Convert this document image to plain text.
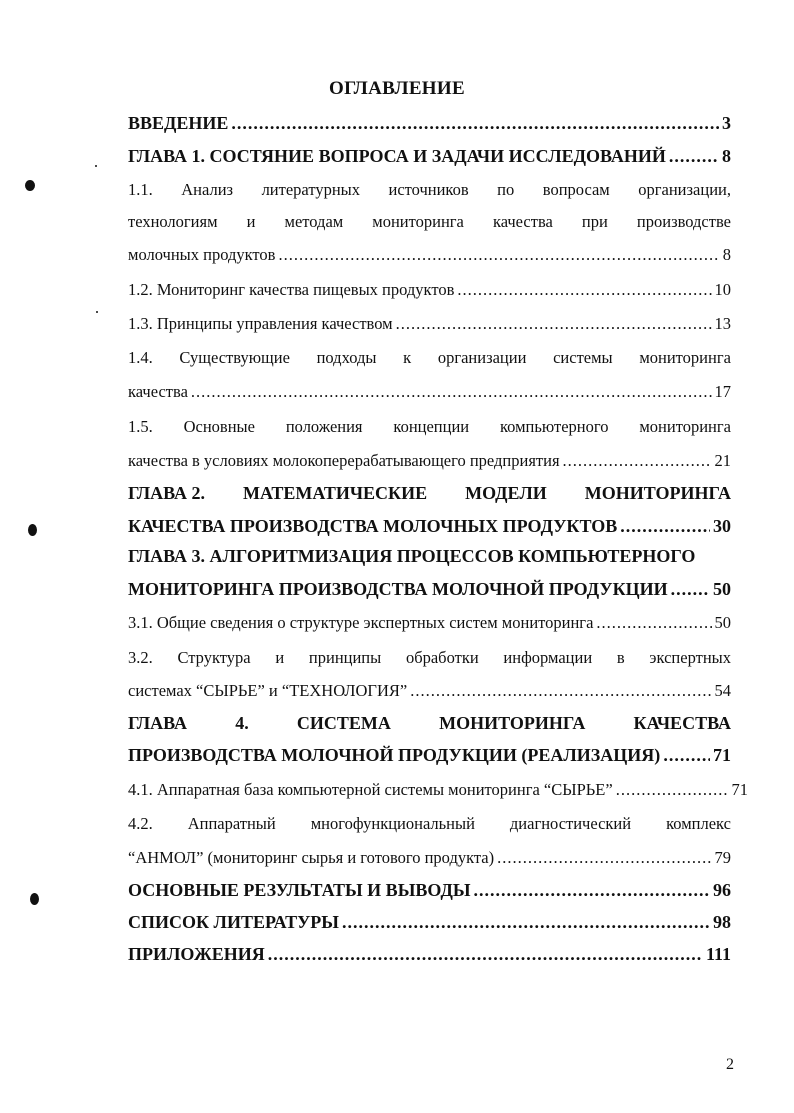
ОГЛАВЛЕНИЕ
ВВЕДЕНИЕ .....	3
ГЛАВА 1. СОСТЯНИЕ ВОПРОСА И ЗАДАЧИ ИССЛЕДОВАНИЙ .....	8
1.1. Анализ литературных источников по вопросам организации,
технологиям и методам мониторинга качества при производстве
молочных продуктов .....	8
1.2. Мониторинг качества пищевых продуктов .....	10
1.3. Принципы управления качеством .....	13
1.4. Существующие подходы к организации системы мониторинга
качества .....	17
1.5. Основные положения концепции компьютерного мониторинга
качества в условиях молокоперерабатывающего предприятия .....	21
ГЛАВА 2. МАТЕМАТИЧЕСКИЕ МОДЕЛИ МОНИТОРИНГА
КАЧЕСТВА ПРОИЗВОДСТВА МОЛОЧНЫХ ПРОДУКТОВ .....	30
ГЛАВА 3. АЛГОРИТМИЗАЦИЯ ПРОЦЕССОВ КОМПЬЮТЕРНОГО
МОНИТОРИНГА ПРОИЗВОДСТВА МОЛОЧНОЙ ПРОДУКЦИИ .....	50
3.1. Общие сведения о структуре экспертных систем мониторинга .....	50
3.2. Структура и принципы обработки информации в экспертных
системах “СЫРЬЕ” и “ТЕХНОЛОГИЯ” .....	54
ГЛАВА	4.	СИСТЕМА	МОНИТОРИНГА	КАЧЕСТВА
ПРОИЗВОДСТВА МОЛОЧНОЙ ПРОДУКЦИИ (РЕАЛИЗАЦИЯ) .....	71
4.1. Аппаратная база компьютерной системы мониторинга “СЫРЬЕ” .....	71
4.2. Аппаратный многофункциональный диагностический комплекс
“АНМОЛ” (мониторинг сырья и готового продукта) .....	79
ОСНОВНЫЕ РЕЗУЛЬТАТЫ И ВЫВОДЫ .....	96
СПИСОК ЛИТЕРАТУРЫ .....	98
ПРИЛОЖЕНИЯ .....	111
2
